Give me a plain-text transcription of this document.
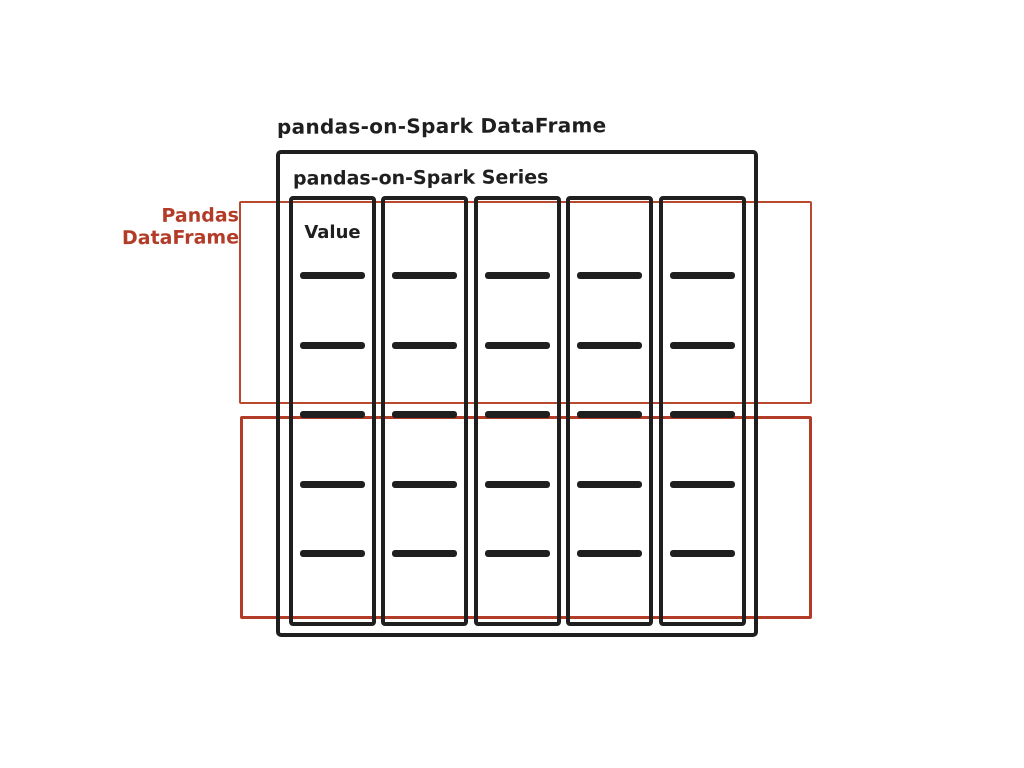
pandas-on-Spark DataFrame
Pandas DataFrame
pandas-on-Spark Series
Value
